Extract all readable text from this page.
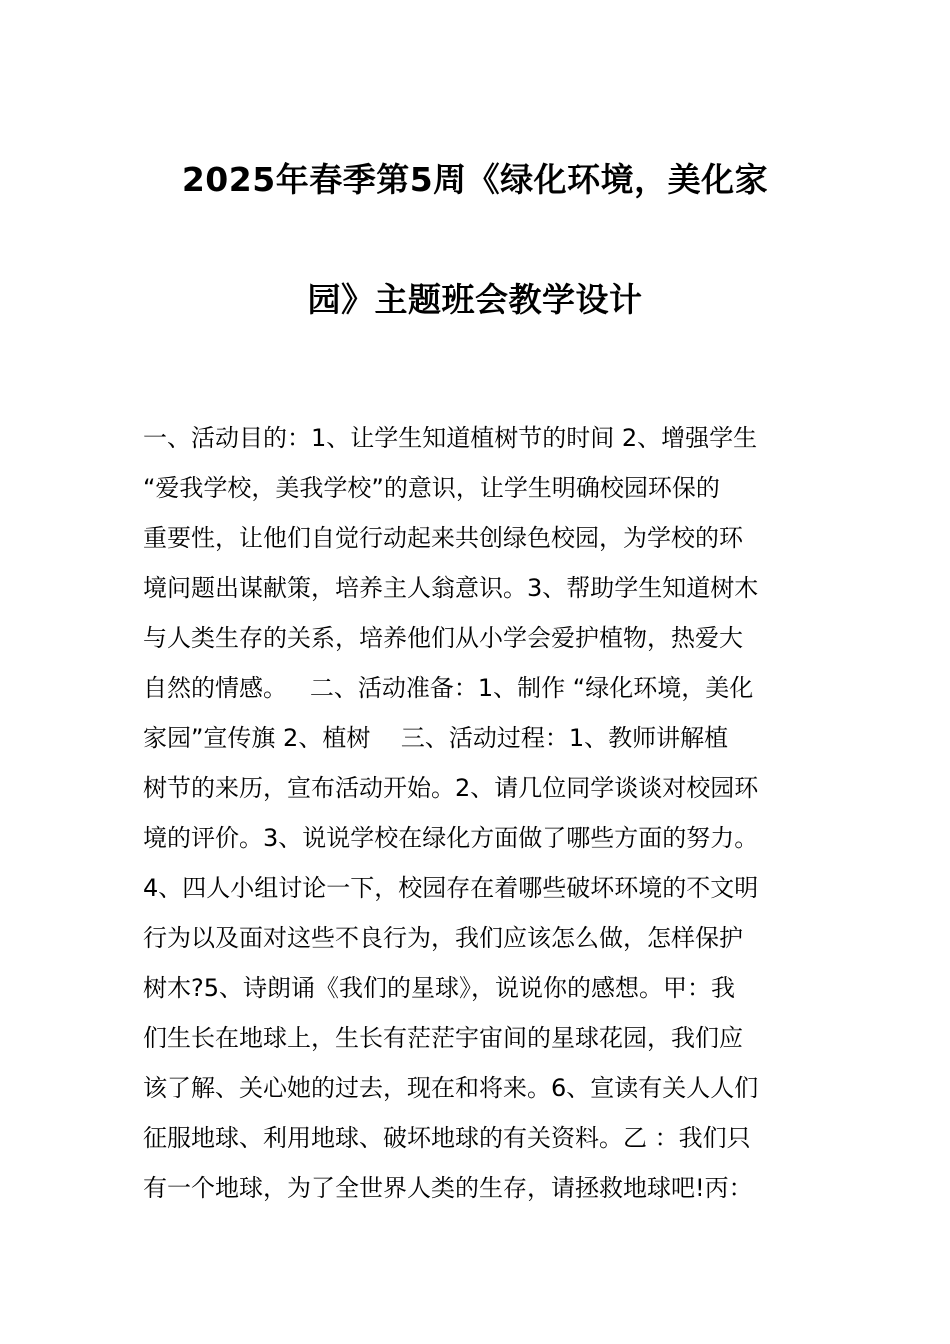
2025年春季第5周《绿化环境，美化家
园》主题班会教学设计
一、活动目的：1、让学生知道植树节的时间 2、增强学生
“爱我学校，美我学校”的意识，让学生明确校园环保的
重要性，让他们自觉行动起来共创绿色校园，为学校的环
境问题出谋献策，培养主人翁意识。3、帮助学生知道树木
与人类生存的关系，培养他们从小学会爱护植物，热爱大
自然的情感。   二、活动准备：1、制作 “绿化环境，美化
家园”宣传旗 2、植树    三、活动过程：1、教师讲解植
树节的来历，宣布活动开始。2、请几位同学谈谈对校园环
境的评价。3、说说学校在绿化方面做了哪些方面的努力。
4、四人小组讨论一下，校园存在着哪些破坏环境的不文明
行为以及面对这些不良行为，我们应该怎么做，怎样保护
树木?5、诗朗诵《我们的星球》，说说你的感想。甲：我
们生长在地球上，生长有茫茫宇宙间的星球花园，我们应
该了解、关心她的过去，现在和将来。6、宣读有关人人们
征服地球、利用地球、破坏地球的有关资料。乙 ：我们只
有一个地球，为了全世界人类的生存，请拯救地球吧!丙：
